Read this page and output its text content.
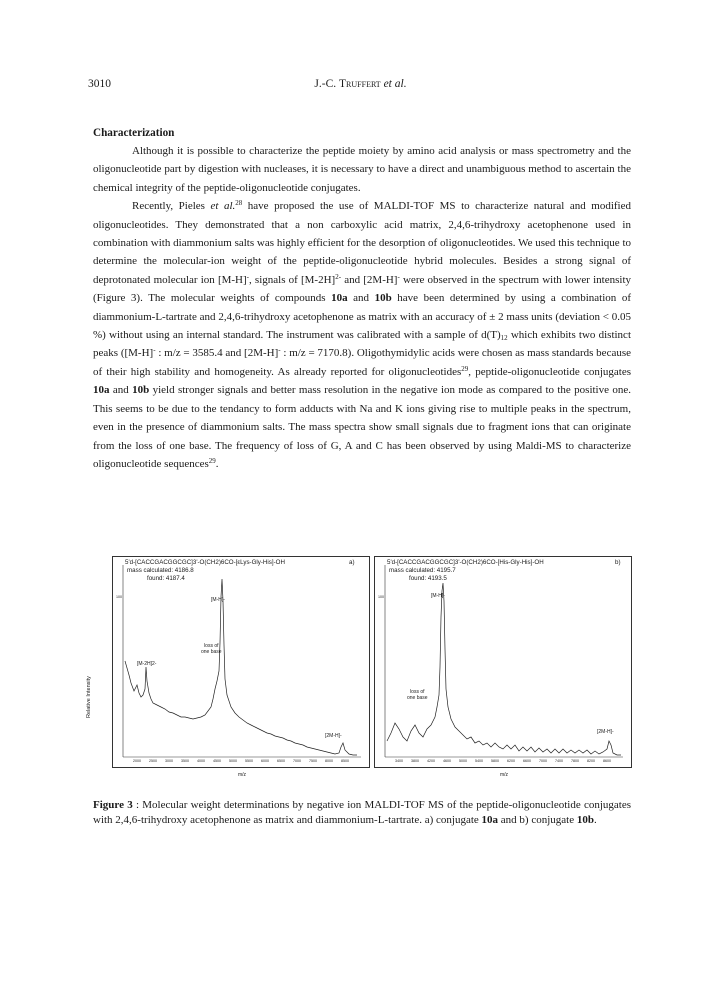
3010	J.-C. Truffert et al.
Characterization

Although it is possible to characterize the peptide moiety by amino acid analysis or mass spectrometry and the oligonucleotide part by digestion with nucleases, it is necessary to have a direct and unambiguous method to ascertain the chemical integrity of the peptide-oligonucleotide conjugates.

Recently, Pieles et al.$^{28}$ have proposed the use of MALDI-TOF MS to characterize natural and modified oligonucleotides. They demonstrated that a non carboxylic acid matrix, 2,4,6-trihydroxy acetophenone used in combination with diammonium salts was highly efficient for the desorption of oligonucleotides. We used this technique to determine the molecular-ion weight of the peptide-oligonucleotide hybrid molecules. Besides a strong signal of deprotonated molecular ion [M-H]-, signals of $[M-2H]^{2-}$ and [2M-H]- were observed in the spectrum with lower intensity (Figure 3). The molecular weights of compounds 10a and 10b have been determined by using a combination of diammonium-L-tartrate and 2,4,6-trihydroxy acetophenone as matrix with an accuracy of ± 2 mass units (deviation < 0.05 %) without using an internal standard. The instrument was calibrated with a sample of $d(T)_{12}$ which exhibits two distinct peaks ([M-H]- : m/z = 3585.4 and [2M-H]- : m/z = 7170.8). Oligothymidylic acids were chosen as mass standards because of their high stability and homogeneity. As already reported for oligonucleotides$^{29}$, peptide-oligonucleotide conjugates 10a and 10b yield stronger signals and better mass resolution in the negative ion mode as compared to the positive one. This seems to be due to the tendancy to form adducts with Na and K ions giving rise to multiple peaks in the spectrum, even in the presence of diammonium salts. The mass spectra show small signals due to fragment ions that can originate from the loss of one base. The frequency of loss of G, A and C has been observed by using Maldi-MS to characterize oligonucleotide sequences$^{29}$.

Relative Intensity
5'd-[CACCGACGGCGC]3'-O(CH2)6CO-[εLys-Gly-His]-OH
mass calculated: 4186.8
found: 4187.4
a)
[M-H]-
[M-2H]2-
loss of
one base
[2M-H]-
100
2000 2500 3000 3500 4000 4500 5000 5500 6000 6500 7000 7500 8000 8500
m/z
5'd-[CACCGACGGCGC]3'-O(CH2)6CO-[His-Gly-His]-OH
mass calculated: 4195.7
found: 4193.5
b)
[M-H]-
loss of
one base
[2M-H]-
100
3400 3800 4200 4600 5000 5400 5800 6200 6600 7000 7400 7800 8200 8600
m/z
Figure 3 : Molecular weight determinations by negative ion MALDI-TOF MS of the peptide-oligonucleotide conjugates with 2,4,6-trihydroxy acetophenone as matrix and diammonium-L-tartrate. a) conjugate 10a and b) conjugate 10b.
